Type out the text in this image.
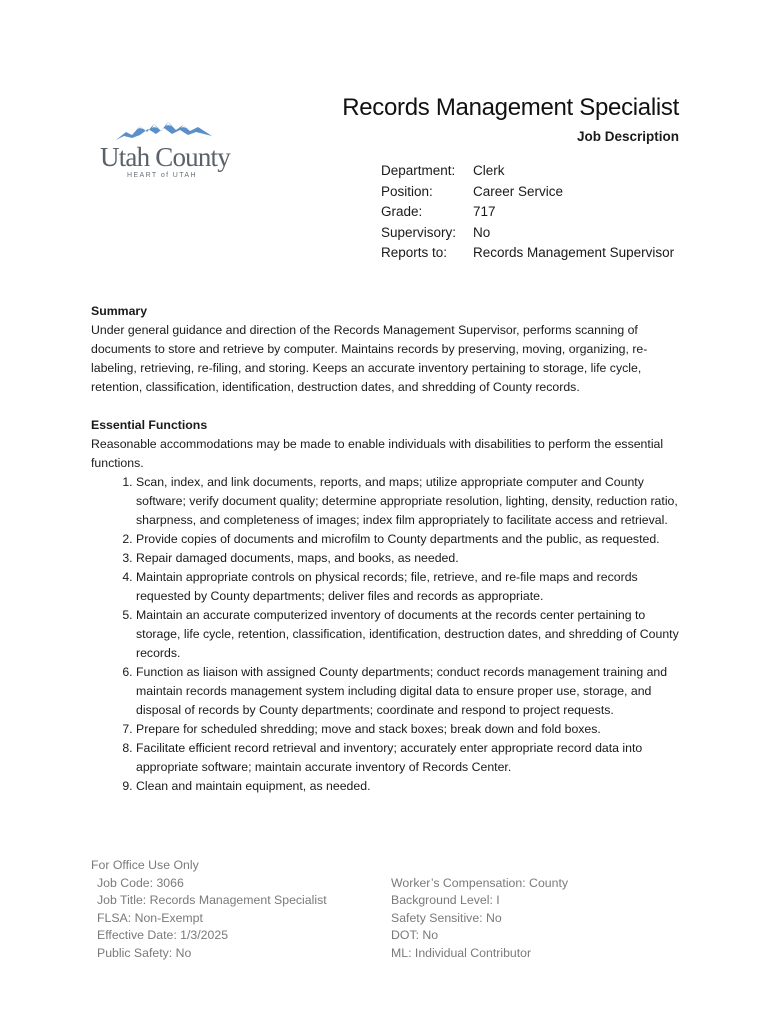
Utah County
HEART of UTAH
Records Management Specialist
Job Description
Department: Clerk
Position:	Career Service
Grade:	717
Supervisory: No
Reports to: Records Management Supervisor
Summary

Under general guidance and direction of the Records Management Supervisor, performs scanning of documents to store and retrieve by computer. Maintains records by preserving, moving, organizing, re-labeling, retrieving, re-filing, and storing. Keeps an accurate inventory pertaining to storage, life cycle, retention, classification, identification, destruction dates, and shredding of County records.

Essential Functions

Reasonable accommodations may be made to enable individuals with disabilities to perform the essential functions.

1. Scan, index, and link documents, reports, and maps; utilize appropriate computer and County software; verify document quality; determine appropriate resolution, lighting, density, reduction ratio, sharpness, and completeness of images; index film appropriately to facilitate access and retrieval.
2. Provide copies of documents and microfilm to County departments and the public, as requested.
3. Repair damaged documents, maps, and books, as needed.
4. Maintain appropriate controls on physical records; file, retrieve, and re-file maps and records requested by County departments; deliver files and records as appropriate.
5. Maintain an accurate computerized inventory of documents at the records center pertaining to storage, life cycle, retention, classification, identification, destruction dates, and shredding of County records.
6. Function as liaison with assigned County departments; conduct records management training and maintain records management system including digital data to ensure proper use, storage, and disposal of records by County departments; coordinate and respond to project requests.
7. Prepare for scheduled shredding; move and stack boxes; break down and fold boxes.
8. Facilitate efficient record retrieval and inventory; accurately enter appropriate record data into appropriate software; maintain accurate inventory of Records Center.
9. Clean and maintain equipment, as needed.
For Office Use Only
Job Code: 3066
Job Title: Records Management Specialist
FLSA: Non-Exempt
Effective Date: 1/3/2025
Public Safety: No
Worker’s Compensation: County
Background Level: I
Safety Sensitive: No
DOT: No
ML: Individual Contributor
